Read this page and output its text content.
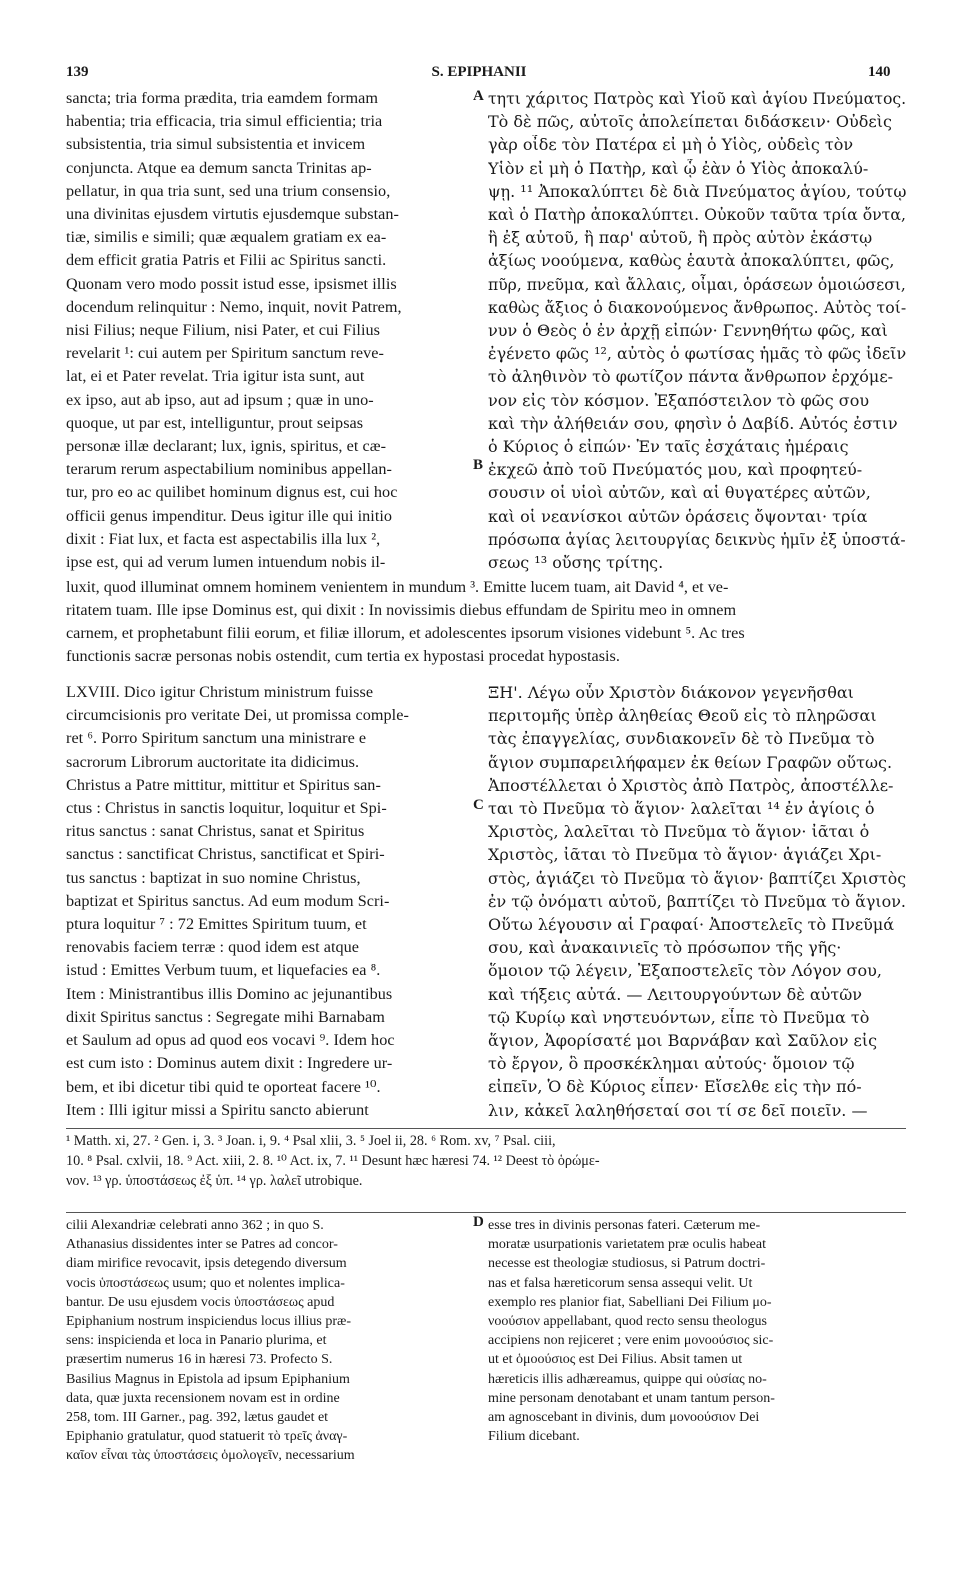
139	S. EPIPHANII	140
A
B
C
D
sancta; tria forma prædita, tria eamdem formam
habentia; tria efficacia, tria simul efficientia; tria
subsistentia, tria simul subsistentia et invicem
conjuncta. Atque ea demum sancta Trinitas ap-
pellatur, in qua tria sunt, sed una trium consensio,
una divinitas ejusdem virtutis ejusdemque substan-
tiæ, similis e simili; quæ æqualem gratiam ex ea-
dem efficit gratia Patris et Filii ac Spiritus sancti.
Quonam vero modo possit istud esse, ipsismet illis
docendum relinquitur : Nemo, inquit, novit Patrem,
nisi Filius; neque Filium, nisi Pater, et cui Filius
revelarit ¹: cui autem per Spiritum sanctum reve-
lat, ei et Pater revelat. Tria igitur ista sunt, aut
ex ipso, aut ab ipso, aut ad ipsum ; quæ in uno-
quoque, ut par est, intelliguntur, prout seipsas
personæ illæ declarant; lux, ignis, spiritus, et cæ-
terarum rerum aspectabilium nominibus appellan-
tur, pro eo ac quilibet hominum dignus est, cui hoc
officii genus impenditur. Deus igitur ille qui initio
dixit : Fiat lux, et facta est aspectabilis illa lux ²,
ipse est, qui ad verum lumen intuendum nobis il-
τητι χάριτος Πατρὸς καὶ Υἱοῦ καὶ ἁγίου Πνεύματος.
Τὸ δὲ πῶς, αὐτοῖς ἀπολείπεται διδάσκειν· Οὐδεὶς
γὰρ οἶδε τὸν Πατέρα εἰ μὴ ὁ Υἱὸς, οὐδεὶς τὸν
Υἱὸν εἰ μὴ ὁ Πατὴρ, καὶ ᾧ ἐὰν ὁ Υἱὸς ἀποκαλύ-
ψῃ. ¹¹ Ἀποκαλύπτει δὲ διὰ Πνεύματος ἁγίου, τούτῳ
καὶ ὁ Πατὴρ ἀποκαλύπτει. Οὐκοῦν ταῦτα τρία ὄντα,
ἢ ἐξ αὐτοῦ, ἢ παρ' αὐτοῦ, ἢ πρὸς αὐτὸν ἑκάστῳ
ἀξίως νοούμενα, καθὼς ἑαυτὰ ἀποκαλύπτει, φῶς,
πῦρ, πνεῦμα, καὶ ἄλλαις, οἶμαι, ὁράσεων ὁμοιώσεσι,
καθὼς ἄξιος ὁ διακονούμενος ἄνθρωπος. Αὐτὸς τοί-
νυν ὁ Θεὸς ὁ ἐν ἀρχῇ εἰπών· Γεννηθήτω φῶς, καὶ
ἐγένετο φῶς ¹², αὐτὸς ὁ φωτίσας ἡμᾶς τὸ φῶς ἰδεῖν
τὸ ἀληθινὸν τὸ φωτίζον πάντα ἄνθρωπον ἐρχόμε-
νον εἰς τὸν κόσμον. Ἐξαπόστειλον τὸ φῶς σου
καὶ τὴν ἀλήθειάν σου, φησὶν ὁ Δαβίδ. Αὐτός ἐστιν
ὁ Κύριος ὁ εἰπών· Ἐν ταῖς ἐσχάταις ἡμέραις
ἐκχεῶ ἀπὸ τοῦ Πνεύματός μου, καὶ προφητεύ-
σουσιν οἱ υἱοὶ αὐτῶν, καὶ αἱ θυγατέρες αὐτῶν,
καὶ οἱ νεανίσκοι αὐτῶν ὁράσεις ὄψονται· τρία
πρόσωπα ἁγίας λειτουργίας δεικνὺς ἡμῖν ἐξ ὑποστά-
σεως ¹³ οὔσης τρίτης.
luxit, quod illuminat omnem hominem venientem in mundum ³. Emitte lucem tuam, ait David ⁴, et ve-
ritatem tuam. Ille ipse Dominus est, qui dixit : In novissimis diebus effundam de Spiritu meo in omnem
carnem, et prophetabunt filii eorum, et filiæ illorum, et adolescentes ipsorum visiones videbunt ⁵. Ac tres
functionis sacræ personas nobis ostendit, cum tertia ex hypostasi procedat hypostasis.
LXVIII. Dico igitur Christum ministrum fuisse
circumcisionis pro veritate Dei, ut promissa comple-
ret ⁶. Porro Spiritum sanctum una ministrare e
sacrorum Librorum auctoritate ita didicimus.
Christus a Patre mittitur, mittitur et Spiritus san-
ctus : Christus in sanctis loquitur, loquitur et Spi-
ritus sanctus : sanat Christus, sanat et Spiritus
sanctus : sanctificat Christus, sanctificat et Spiri-
tus sanctus : baptizat in suo nomine Christus,
baptizat et Spiritus sanctus. Ad eum modum Scri-
ptura loquitur ⁷ : 72 Emittes Spiritum tuum, et
renovabis faciem terræ : quod idem est atque
istud : Emittes Verbum tuum, et liquefacies ea ⁸.
Item : Ministrantibus illis Domino ac jejunantibus
dixit Spiritus sanctus : Segregate mihi Barnabam
et Saulum ad opus ad quod eos vocavi ⁹. Idem hoc
est cum isto : Dominus autem dixit : Ingredere ur-
bem, et ibi dicetur tibi quid te oporteat facere ¹⁰.
Item : Illi igitur missi a Spiritu sancto abierunt
ΞΗ'. Λέγω οὖν Χριστὸν διάκονον γεγενῆσθαι
περιτομῆς ὑπὲρ ἀληθείας Θεοῦ εἰς τὸ πληρῶσαι
τὰς ἐπαγγελίας, συνδιακονεῖν δὲ τὸ Πνεῦμα τὸ
ἅγιον συμπαρειλήφαμεν ἐκ θείων Γραφῶν οὕτως.
Ἀποστέλλεται ὁ Χριστὸς ἀπὸ Πατρὸς, ἀποστέλλε-
ται τὸ Πνεῦμα τὸ ἅγιον· λαλεῖται ¹⁴ ἐν ἁγίοις ὁ
Χριστὸς, λαλεῖται τὸ Πνεῦμα τὸ ἅγιον· ἰᾶται ὁ
Χριστὸς, ἰᾶται τὸ Πνεῦμα τὸ ἅγιον· ἁγιάζει Χρι-
στὸς, ἁγιάζει τὸ Πνεῦμα τὸ ἅγιον· βαπτίζει Χριστὸς
ἐν τῷ ὀνόματι αὐτοῦ, βαπτίζει τὸ Πνεῦμα τὸ ἅγιον.
Οὕτω λέγουσιν αἱ Γραφαί· Ἀποστελεῖς τὸ Πνεῦμά
σου, καὶ ἀνακαινιεῖς τὸ πρόσωπον τῆς γῆς·
ὅμοιον τῷ λέγειν, Ἐξαποστελεῖς τὸν Λόγον σου,
καὶ τήξεις αὐτά. — Λειτουργούντων δὲ αὐτῶν
τῷ Κυρίῳ καὶ νηστευόντων, εἶπε τὸ Πνεῦμα τὸ
ἅγιον, Ἀφορίσατέ μοι Βαρνάβαν καὶ Σαῦλον εἰς
τὸ ἔργον, ὃ προσκέκλημαι αὐτούς· ὅμοιον τῷ
εἰπεῖν, Ὁ δὲ Κύριος εἶπεν· Εἴσελθε εἰς τὴν πό-
λιν, κἀκεῖ λαληθήσεταί σοι τί σε δεῖ ποιεῖν. —
¹ Matth. xi, 27. ² Gen. i, 3. ³ Joan. i, 9. ⁴ Psal xlii, 3. ⁵ Joel ii, 28. ⁶ Rom. xv, ⁷ Psal. ciii,
10. ⁸ Psal. cxlvii, 18. ⁹ Act. xiii, 2. 8. ¹⁰ Act. ix, 7. ¹¹ Desunt hæc hæresi 74. ¹² Deest τὸ ὁρώμε-
νον. ¹³ γρ. ὑποστάσεως ἐξ ὑπ. ¹⁴ γρ. λαλεῖ utrobique.
cilii Alexandriæ celebrati anno 362 ; in quo S.
Athanasius dissidentes inter se Patres ad concor-
diam mirifice revocavit, ipsis detegendo diversum
vocis ὑποστάσεως usum; quo et nolentes implica-
bantur. De usu ejusdem vocis ὑποστάσεως apud
Epiphanium nostrum inspiciendus locus illius præ-
sens: inspicienda et loca in Panario plurima, et
præsertim numerus 16 in hæresi 73. Profecto S.
Basilius Magnus in Epistola ad ipsum Epiphanium
data, quæ juxta recensionem novam est in ordine
258, tom. III Garner., pag. 392, lætus gaudet et
Epiphanio gratulatur, quod statuerit τὸ τρεῖς ἀναγ-
καῖον εἶναι τὰς ὑποστάσεις ὁμολογεῖν, necessarium
esse tres in divinis personas fateri. Cæterum me-
moratæ usurpationis varietatem præ oculis habeat
necesse est theologiæ studiosus, si Patrum doctri-
nas et falsa hæreticorum sensa assequi velit. Ut
exemplo res planior fiat, Sabelliani Dei Filium μο-
νοούσιον appellabant, quod recto sensu theologus
accipiens non rejiceret ; vere enim μονοούσιος sic-
ut et ὁμοούσιος est Dei Filius. Absit tamen ut
hæreticis illis adhæreamus, quippe qui οὐσίας no-
mine personam denotabant et unam tantum person-
am agnoscebant in divinis, dum μονοούσιον Dei
Filium dicebant.
